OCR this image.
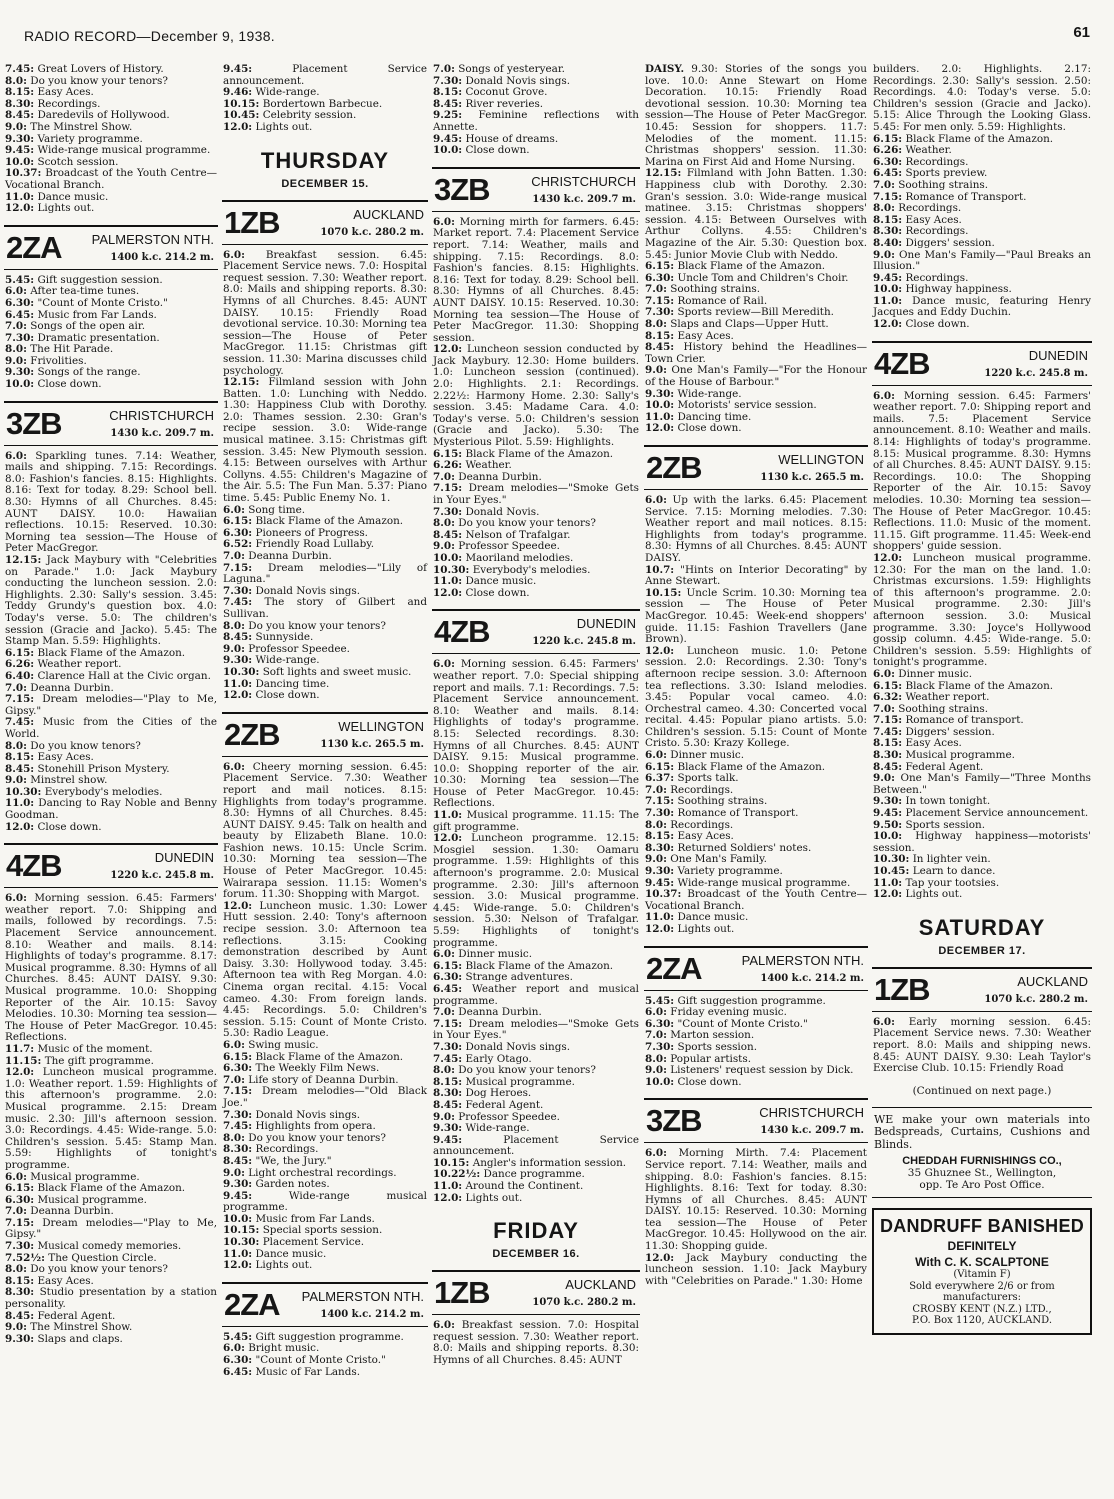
RADIO RECORD—December 9, 1938.	61

7.45: Great Lovers of History.

8.0: Do you know your tenors?

8.15: Easy Aces.

8.30: Recordings.

8.45: Daredevils of Hollywood.

9.0: The Minstrel Show.

9.30: Variety programme.

9.45: Wide-range musical programme.

10.0: Scotch session.

10.37: Broadcast of the Youth Centre—Vocational Branch.

11.0: Dance music.

12.0: Lights out.

2ZA PALMERSTON NTH.
1400 k.c. 214.2 m.

5.45: Gift suggestion session.

6.0: After tea-time tunes.

6.30: "Count of Monte Cristo."

6.45: Music from Far Lands.

7.0: Songs of the open air.

7.30: Dramatic presentation.

8.0: The Hit Parade.

9.0: Frivolities.

9.30: Songs of the range.

10.0: Close down.

3ZB	CHRISTCHURCH
1430 k.c. 209.7 m.

6.0: Sparkling tunes. 7.14: Weather, mails and shipping. 7.15: Recordings. 8.0: Fashion's fancies. 8.15: Highlights. 8.16: Text for today. 8.29: School bell. 8.30: Hymns of all Churches. 8.45: AUNT DAISY. 10.0: Hawaiian reflections. 10.15: Reserved. 10.30: Morning tea session—The House of Peter MacGregor.

12.15: Jack Maybury with "Celebrities on Parade." 1.0: Jack Maybury conducting the luncheon session. 2.0: Highlights. 2.30: Sally's session. 3.45: Teddy Grundy's question box. 4.0: Today's verse. 5.0: The children's session (Gracie and Jacko). 5.45: The Stamp Man. 5.59: Highlights.

6.15: Black Flame of the Amazon.

6.26: Weather report.

6.40: Clarence Hall at the Civic organ.

7.0: Deanna Durbin.

7.15: Dream melodies—"Play to Me, Gipsy."

7.45: Music from the Cities of the World.

8.0: Do you know tenors?

8.15: Easy Aces.

8.45: Stonehill Prison Mystery.

9.0: Minstrel show.

10.30: Everybody's melodies.

11.0: Dancing to Ray Noble and Benny Goodman.

12.0: Close down.

4ZB	DUNEDIN
1220 k.c. 245.8 m.

6.0: Morning session. 6.45: Farmers' weather report. 7.0: Shipping and mails, followed by recordings. 7.5: Placement Service announcement. 8.10: Weather and mails. 8.14: Highlights of today's programme. 8.17: Musical programme. 8.30: Hymns of all Churches. 8.45: AUNT DAISY. 9.30: Musical programme. 10.0: Shopping Reporter of the Air. 10.15: Savoy Melodies. 10.30: Morning tea session—The House of Peter MacGregor. 10.45: Reflections.

11.7: Music of the moment.

11.15: The gift programme.

12.0: Luncheon musical programme. 1.0: Weather report. 1.59: Highlights of this afternoon's programme. 2.0: Musical programme. 2.15: Dream music. 2.30: Jill's afternoon session. 3.0: Recordings. 4.45: Wide-range. 5.0: Children's session. 5.45: Stamp Man. 5.59: Highlights of tonight's programme.

6.0: Musical programme.

6.15: Black Flame of the Amazon.

6.30: Musical programme.

7.0: Deanna Durbin.

7.15: Dream melodies—"Play to Me, Gipsy."

7.30: Musical comedy memories.

7.52½: The Question Circle.

8.0: Do you know your tenors?

8.15: Easy Aces.

8.30: Studio presentation by a station personality.

8.45: Federal Agent.

9.0: The Minstrel Show.

9.30: Slaps and claps.

9.45:	Placement Service announcement.

9.46: Wide-range.

10.15: Bordertown Barbecue.

10.45: Celebrity session.

12.0: Lights out.

THURSDAY
DECEMBER 15.
1ZB	AUCKLAND
1070 k.c. 280.2 m.

6.0: Breakfast session. 6.45: Placement Service news. 7.0: Hospital request session. 7.30: Weather report. 8.0: Mails and shipping reports. 8.30: Hymns of all Churches. 8.45: AUNT DAISY. 10.15: Friendly Road devotional service. 10.30: Morning tea session—The House of Peter MacGregor. 11.15: Christmas gift session. 11.30: Marina discusses child psychology.

12.15: Filmland session with John Batten. 1.0: Lunching with Neddo. 1.30: Happiness Club with Dorothy. 2.0: Thames session. 2.30: Gran's recipe session. 3.0: Wide-range musical matinee. 3.15: Christmas gift session. 3.45: New Plymouth session. 4.15: Between ourselves with Arthur Collyns. 4.55: Children's Magazine of the Air. 5.5: The Fun Man. 5.37: Piano time. 5.45: Public Enemy No. 1.

6.0: Song time.

6.15: Black Flame of the Amazon.

6.30: Pioneers of Progress.

6.52: Friendly Road Lullaby.

7.0: Deanna Durbin.

7.15: Dream melodies—"Lily of Laguna."

7.30: Donald Novis sings.

7.45: The story of Gilbert and Sullivan.

8.0: Do you know your tenors?

8.45: Sunnyside.

9.0: Professor Speedee.

9.30: Wide-range.

10.30: Soft lights and sweet music.

11.0: Dancing time.

12.0: Close down.

2ZB	WELLINGTON
1130 k.c. 265.5 m.

6.0: Cheery morning session. 6.45: Placement Service. 7.30: Weather report and mail notices. 8.15: Highlights from today's programme. 8.30: Hymns of all Churches. 8.45: AUNT DAISY. 9.45: Talk on health and beauty by Elizabeth Blane. 10.0: Fashion news. 10.15: Uncle Scrim. 10.30: Morning tea session—The House of Peter MacGregor. 10.45: Wairarapa session. 11.15: Women's forum. 11.30: Shopping with Margot.

12.0: Luncheon music. 1.30: Lower Hutt session. 2.40: Tony's afternoon recipe session. 3.0: Afternoon tea reflections. 3.15: Cooking demonstration described by Aunt Daisy. 3.30: Hollywood today. 3.45: Afternoon tea with Reg Morgan. 4.0: Cinema organ recital. 4.15: Vocal cameo. 4.30: From foreign lands. 4.45: Recordings. 5.0: Children's session. 5.15: Count of Monte Cristo. 5.30: Radio League.

6.0: Swing music.

6.15: Black Flame of the Amazon.

6.30: The Weekly Film News.

7.0: Life story of Deanna Durbin.

7.15: Dream melodies—"Old Black Joe."

7.30: Donald Novis sings.

7.45: Highlights from opera.

8.0: Do you know your tenors?

8.30: Recordings.

8.45: "We, the Jury."

9.0: Light orchestral recordings.

9.30: Garden notes.

9.45:	Wide-range musical programme.

10.0: Music from Far Lands.

10.15: Special sports session.

10.30: Placement Service.

11.0: Dance music.

12.0: Lights out.

2ZA PALMERSTON NTH.
1400 k.c. 214.2 m.

5.45: Gift suggestion programme.

6.0: Bright music.

6.30: "Count of Monte Cristo."

6.45: Music of Far Lands.

7.0: Songs of yesteryear.

7.30: Donald Novis sings.

8.15: Coconut Grove.

8.45: River reveries.

9.25: Feminine reflections with Annette.

9.45: House of dreams.

10.0: Close down.

3ZB	CHRISTCHURCH
1430 k.c. 209.7 m.

6.0: Morning mirth for farmers. 6.45: Market report. 7.4: Placement Service report. 7.14: Weather, mails and shipping. 7.15: Recordings. 8.0: Fashion's fancies. 8.15: Highlights. 8.16: Text for today. 8.29: School bell. 8.30: Hymns of all Churches. 8.45: AUNT DAISY. 10.15: Reserved. 10.30: Morning tea session—The House of Peter MacGregor. 11.30: Shopping session.

12.0: Luncheon session conducted by Jack Maybury. 12.30: Home builders. 1.0: Luncheon session (continued). 2.0: Highlights. 2.1: Recordings. 2.22½: Harmony Home. 2.30: Sally's session. 3.45: Madame Cara. 4.0: Today's verse. 5.0: Children's session (Gracie and Jacko). 5.30: The Mysterious Pilot. 5.59: Highlights.

6.15: Black Flame of the Amazon.

6.26: Weather.

7.0: Deanna Durbin.

7.15: Dream melodies—"Smoke Gets in Your Eyes."

7.30: Donald Novis.

8.0: Do you know your tenors?

8.45: Nelson of Trafalgar.

9.0: Professor Speedee.

10.0: Maoriland melodies.

10.30: Everybody's melodies.

11.0: Dance music.

12.0: Close down.

4ZB	DUNEDIN
1220 k.c. 245.8 m.

6.0: Morning session. 6.45: Farmers' weather report. 7.0: Special shipping report and mails. 7.1: Recordings. 7.5: Placement Service announcement. 8.10: Weather and mails. 8.14: Highlights of today's programme. 8.15: Selected recordings. 8.30: Hymns of all Churches. 8.45: AUNT DAISY. 9.15: Musical programme. 10.0: Shopping reporter of the air. 10.30: Morning tea session—The House of Peter MacGregor. 10.45: Reflections.

11.0: Musical programme. 11.15: The gift programme.

12.0: Luncheon programme. 12.15: Mosgiel session. 1.30: Oamaru programme. 1.59: Highlights of this afternoon's programme. 2.0: Musical programme. 2.30: Jill's afternoon session. 3.0: Musical programme. 4.45: Wide-range. 5.0: Children's session. 5.30: Nelson of Trafalgar. 5.59: Highlights of tonight's programme.

6.0: Dinner music.

6.15: Black Flame of the Amazon.

6.30: Strange adventures.

6.45: Weather report and musical programme.

7.0: Deanna Durbin.

7.15: Dream melodies—"Smoke Gets in Your Eyes."

7.30: Donald Novis sings.

7.45: Early Otago.

8.0: Do you know your tenors?

8.15: Musical programme.

8.30: Dog Heroes.

8.45: Federal Agent.

9.0: Professor Speedee.

9.30: Wide-range.

9.45:	Placement Service announcement.

10.15: Angler's information session.

10.22½: Dance programme.

11.0: Around the Continent.

12.0: Lights out.

FRIDAY
DECEMBER 16.
1ZB	AUCKLAND
1070 k.c. 280.2 m.

6.0: Breakfast session. 7.0: Hospital request session. 7.30: Weather report. 8.0: Mails and shipping reports. 8.30: Hymns of all Churches. 8.45: AUNT

DAISY. 9.30: Stories of the songs you love. 10.0: Anne Stewart on Home Decoration. 10.15: Friendly Road devotional session. 10.30: Morning tea session—The House of Peter MacGregor. 10.45: Session for shoppers. 11.7: Melodies of the moment. 11.15: Christmas shoppers' session. 11.30: Marina on First Aid and Home Nursing.

12.15: Filmland with John Batten. 1.30: Happiness club with Dorothy. 2.30: Gran's session. 3.0: Wide-range musical matinee. 3.15: Christmas shoppers' session. 4.15: Between Ourselves with Arthur Collyns. 4.55: Children's Magazine of the Air. 5.30: Question box. 5.45: Junior Movie Club with Neddo.

6.15: Black Flame of the Amazon.

6.30: Uncle Tom and Children's Choir.

7.0: Soothing strains.

7.15: Romance of Rail.

7.30: Sports review—Bill Meredith.

8.0: Slaps and Claps—Upper Hutt.

8.15: Easy Aces.

8.45: History behind the Headlines—Town Crier.

9.0: One Man's Family—"For the Honour of the House of Barbour."

9.30: Wide-range.

10.0: Motorists' service session.

11.0: Dancing time.

12.0: Close down.

2ZB	WELLINGTON
1130 k.c. 265.5 m.

6.0: Up with the larks. 6.45: Placement Service. 7.15: Morning melodies. 7.30: Weather report and mail notices. 8.15: Highlights from today's programme. 8.30: Hymns of all Churches. 8.45: AUNT DAISY.

10.7: "Hints on Interior Decorating" by Anne Stewart.

10.15: Uncle Scrim. 10.30: Morning tea session — The House of Peter MacGregor. 10.45: Week-end shoppers' guide. 11.15: Fashion Travellers (Jane Brown).

12.0: Luncheon music. 1.0: Petone session. 2.0: Recordings. 2.30: Tony's afternoon recipe session. 3.0: Afternoon tea reflections. 3.30: Island melodies. 3.45: Popular vocal cameo. 4.0: Orchestral cameo. 4.30: Concerted vocal recital. 4.45: Popular piano artists. 5.0: Children's session. 5.15: Count of Monte Cristo. 5.30: Krazy Kollege.

6.0: Dinner music.

6.15: Black Flame of the Amazon.

6.37: Sports talk.

7.0: Recordings.

7.15: Soothing strains.

7.30: Romance of Transport.

8.0: Recordings.

8.15: Easy Aces.

8.30: Returned Soldiers' notes.

9.0: One Man's Family.

9.30: Variety programme.

9.45: Wide-range musical programme.

10.37: Broadcast of the Youth Centre—Vocational Branch.

11.0: Dance music.

12.0: Lights out.

2ZA	PALMERSTON NTH.
1400 k.c. 214.2 m.

5.45: Gift suggestion programme.

6.0: Friday evening music.

6.30: "Count of Monte Cristo."

7.0: Marton session.

7.30: Sports session.

8.0: Popular artists.

9.0: Listeners' request session by Dick.

10.0: Close down.

3ZB	CHRISTCHURCH
1430 k.c. 209.7 m.

6.0: Morning Mirth. 7.4: Placement Service report. 7.14: Weather, mails and shipping. 8.0: Fashion's fancies. 8.15: Highlights. 8.16: Text for today. 8.30: Hymns of all Churches. 8.45: AUNT DAISY. 10.15: Reserved. 10.30: Morning tea session—The House of Peter MacGregor. 10.45: Hollywood on the air. 11.30: Shopping guide.

12.0: Jack Maybury conducting the luncheon session. 1.10: Jack Maybury with "Celebrities on Parade." 1.30: Home

builders. 2.0: Highlights. 2.17: Recordings. 2.30: Sally's session. 2.50: Recordings. 4.0: Today's verse. 5.0: Children's session (Gracie and Jacko). 5.15: Alice Through the Looking Glass. 5.45: For men only. 5.59: Highlights.

6.15: Black Flame of the Amazon.

6.26: Weather.

6.30: Recordings.

6.45: Sports preview.

7.0: Soothing strains.

7.15: Romance of Transport.

8.0: Recordings.

8.15: Easy Aces.

8.30: Recordings.

8.40: Diggers' session.

9.0: One Man's Family—"Paul Breaks an Illusion."

9.45: Recordings.

10.0: Highway happiness.

11.0: Dance music, featuring Henry Jacques and Eddy Duchin.

12.0: Close down.

4ZB	DUNEDIN
1220 k.c. 245.8 m.

6.0: Morning session. 6.45: Farmers' weather report. 7.0: Shipping report and mails. 7.5: Placement Service announcement. 8.10: Weather and mails. 8.14: Highlights of today's programme. 8.15: Musical programme. 8.30: Hymns of all Churches. 8.45: AUNT DAISY. 9.15: Recordings. 10.0: The Shopping Reporter of the Air. 10.15: Savoy melodies. 10.30: Morning tea session—The House of Peter MacGregor. 10.45: Reflections. 11.0: Music of the moment. 11.15. Gift programme. 11.45: Week-end shoppers' guide session.

12.0: Luncheon musical programme. 12.30: For the man on the land. 1.0: Christmas excursions. 1.59: Highlights of this afternoon's programme. 2.0: Musical programme. 2.30: Jill's afternoon session. 3.0: Musical programme. 3.30: Joyce's Hollywood gossip column. 4.45: Wide-range. 5.0: Children's session. 5.59: Highlights of tonight's programme.

6.0: Dinner music.

6.15: Black Flame of the Amazon.

6.32: Weather report.

7.0: Soothing strains.

7.15: Romance of transport.

7.45: Diggers' session.

8.15: Easy Aces.

8.30: Musical programme.

8.45: Federal Agent.

9.0: One Man's Family—"Three Months Between."

9.30: In town tonight.

9.45: Placement Service announcement.

9.50: Sports session.

10.0: Highway happiness—motorists' session.

10.30: In lighter vein.

10.45: Learn to dance.

11.0: Tap your tootsies.

12.0: Lights out.

SATURDAY
DECEMBER 17.
1ZB	AUCKLAND
1070 k.c. 280.2 m.

6.0: Early morning session. 6.45: Placement Service news. 7.30: Weather report. 8.0: Mails and shipping news. 8.45: AUNT DAISY. 9.30: Leah Taylor's Exercise Club. 10.15: Friendly Road

(Continued on next page.)
WE make your own materials into Bedspreads, Curtains, Cushions and Blinds.
CHEDDAH FURNISHINGS CO.,
35 Ghuznee St., Wellington,
opp. Te Aro Post Office.
DANDRUFF BANISHED
DEFINITELY
With C. K. SCALPTONE
(Vitamin F)
Sold everywhere 2/6 or from manufacturers:
CROSBY KENT (N.Z.) LTD.,
P.O. Box 1120, AUCKLAND.
